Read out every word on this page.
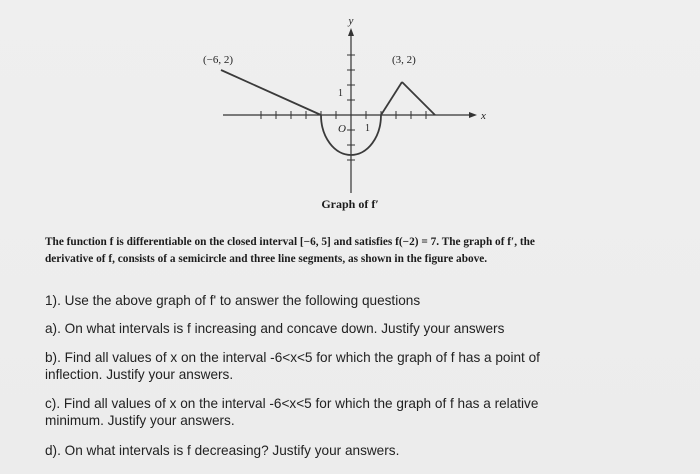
y
x
(−6, 2)	(3, 2)
1
O 1
Graph of f′
The function f is differentiable on the closed interval [−6, 5] and satisfies f(−2) = 7. The graph of f′, the
derivative of f, consists of a semicircle and three line segments, as shown in the figure above.
1). Use the above graph of f' to answer the following questions
a). On what intervals is f increasing and concave down. Justify your answers
b). Find all values of x on the interval -6<x<5 for which the graph of f has a point of
inflection. Justify your answers.
c). Find all values of x on the interval -6<x<5 for which the graph of f has a relative
minimum. Justify your answers.
d). On what intervals is f decreasing? Justify your answers.
